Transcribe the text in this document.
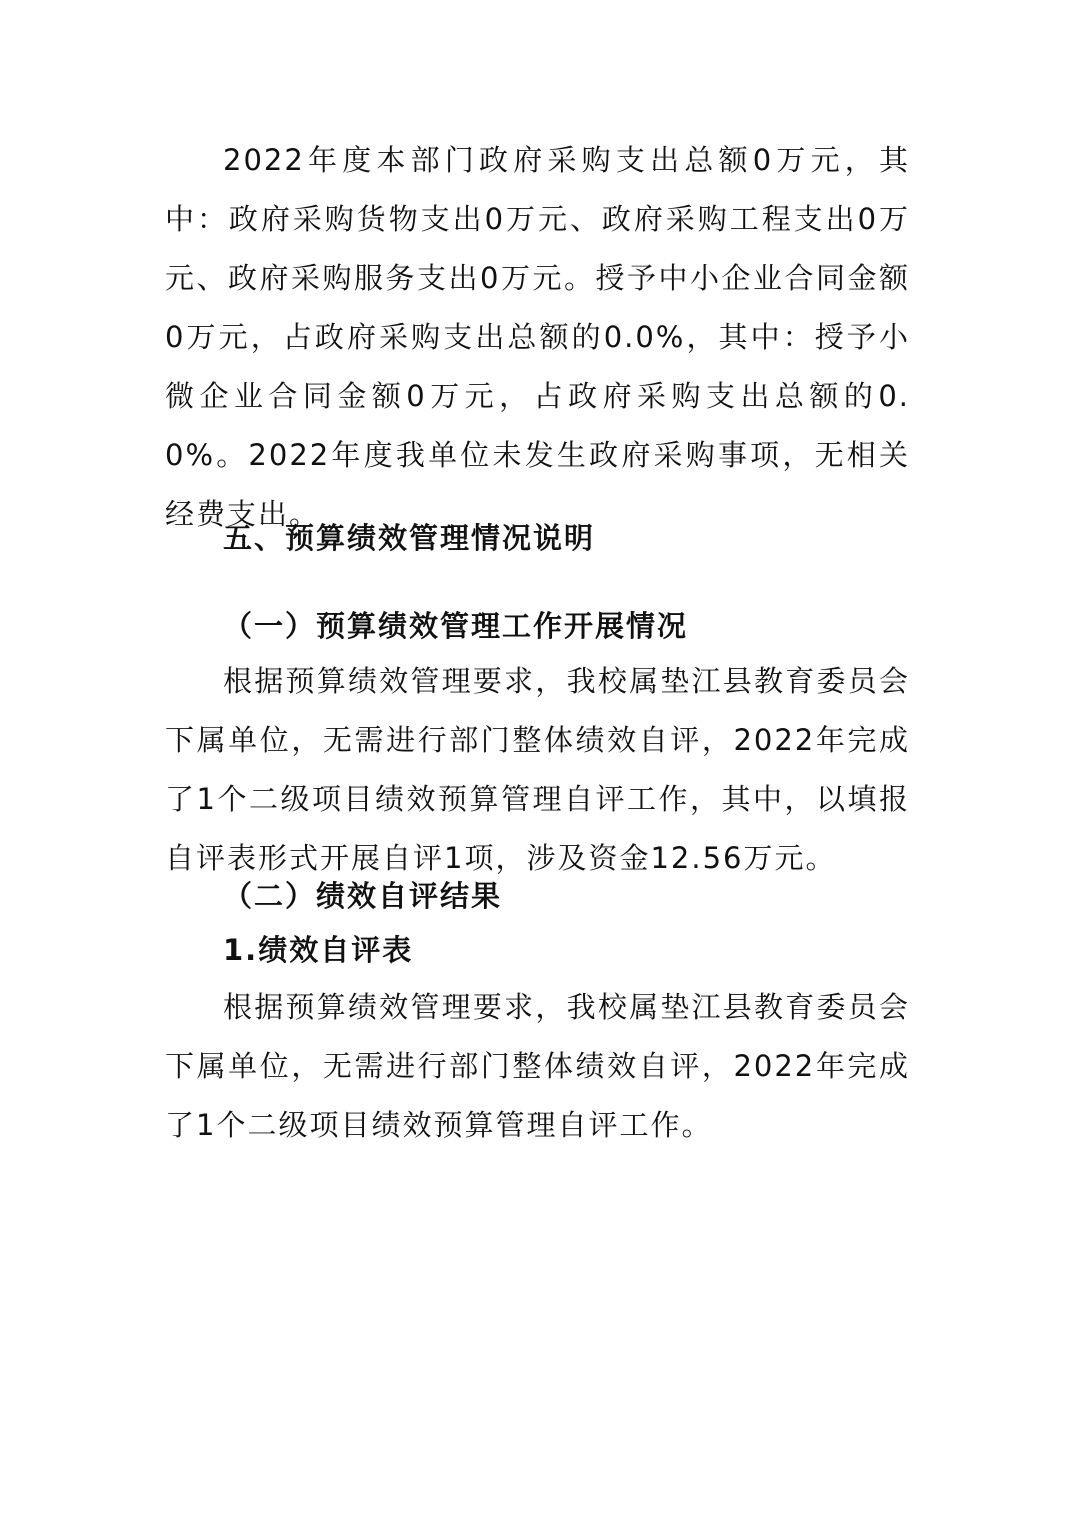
2022年度本部门政府采购支出总额0万元，其中：政府采购货物支出0万元、政府采购工程支出0万 元、政府采购服务支出0万元。授予中小企业合同金额0万元，占政府采购支出总额的0.0%，其中：授予小微企业合同金额0万元，占政府采购支出总额的0.0%。2022年度我单位未发生政府采购事项，无相关经费支出。

五、预算绩效管理情况说明
（一）预算绩效管理工作开展情况

根据预算绩效管理要求，我校属垫江县教育委员会下属单位，无需进行部门整体绩效自评，2022年完成了1个二级项目绩效预算管理自评工作，其中，以填报自评表形式开展自评1项，涉及资金12.56万元。

（二）绩效自评结果
1.绩效自评表

根据预算绩效管理要求，我校属垫江县教育委员会下属单位，无需进行部门整体绩效自评，2022年完成了1个二级项目绩效预算管理自评工作。
